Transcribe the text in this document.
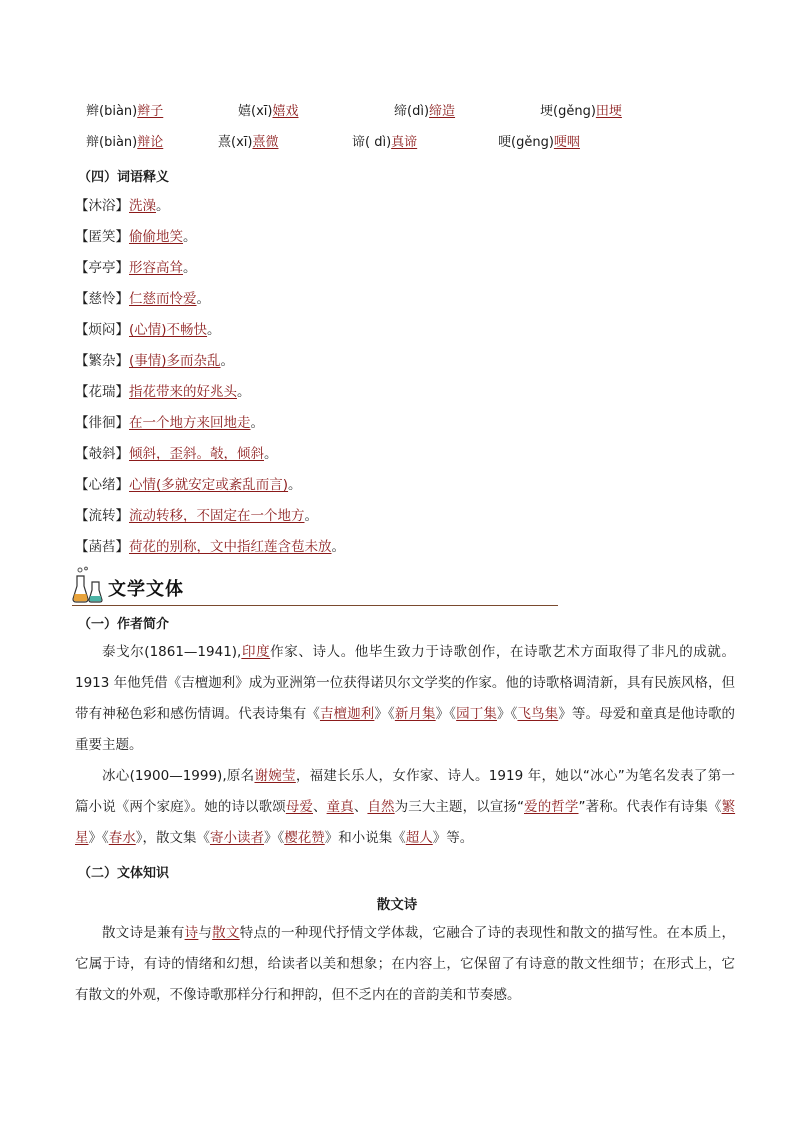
辫(biàn)辫子	嬉(xī)嬉戏	缔(dì)缔造	埂(gěng)田埂
辩(biàn)辩论	熹(xī)熹微	谛( dì)真谛	哽(gěng)哽咽
（四）词语释义
【沐浴】洗澡。
【匿笑】偷偷地笑。
【亭亭】形容高耸。
【慈怜】仁慈而怜爱。
【烦闷】(心情)不畅快。
【繁杂】(事情)多而杂乱。
【花瑞】指花带来的好兆头。
【徘徊】在一个地方来回地走。
【攲斜】倾斜，歪斜。攲，倾斜。
【心绪】心情(多就安定或紊乱而言)。
【流转】流动转移，不固定在一个地方。
【菡萏】荷花的别称，文中指红莲含苞未放。
文学文体
（一）作者简介
泰戈尔(1861—1941),印度作家、诗人。他毕生致力于诗歌创作，在诗歌艺术方面取得了非凡的成就。1913 年他凭借《吉檀迦利》成为亚洲第一位获得诺贝尔文学奖的作家。他的诗歌格调清新，具有民族风格，但带有神秘色彩和感伤情调。代表诗集有《吉檀迦利》《新月集》《园丁集》《飞鸟集》等。母爱和童真是他诗歌的重要主题。
冰心(1900—1999),原名谢婉莹，福建长乐人，女作家、诗人。1919 年，她以“冰心”为笔名发表了第一篇小说《两个家庭》。她的诗以歌颂母爱、童真、自然为三大主题，以宣扬“爱的哲学”著称。代表作有诗集《繁星》《春水》，散文集《寄小读者》《樱花赞》和小说集《超人》等。
（二）文体知识
散文诗
散文诗是兼有诗与散文特点的一种现代抒情文学体裁，它融合了诗的表现性和散文的描写性。在本质上，它属于诗，有诗的情绪和幻想，给读者以美和想象；在内容上，它保留了有诗意的散文性细节；在形式上，它有散文的外观，不像诗歌那样分行和押韵，但不乏内在的音韵美和节奏感。
